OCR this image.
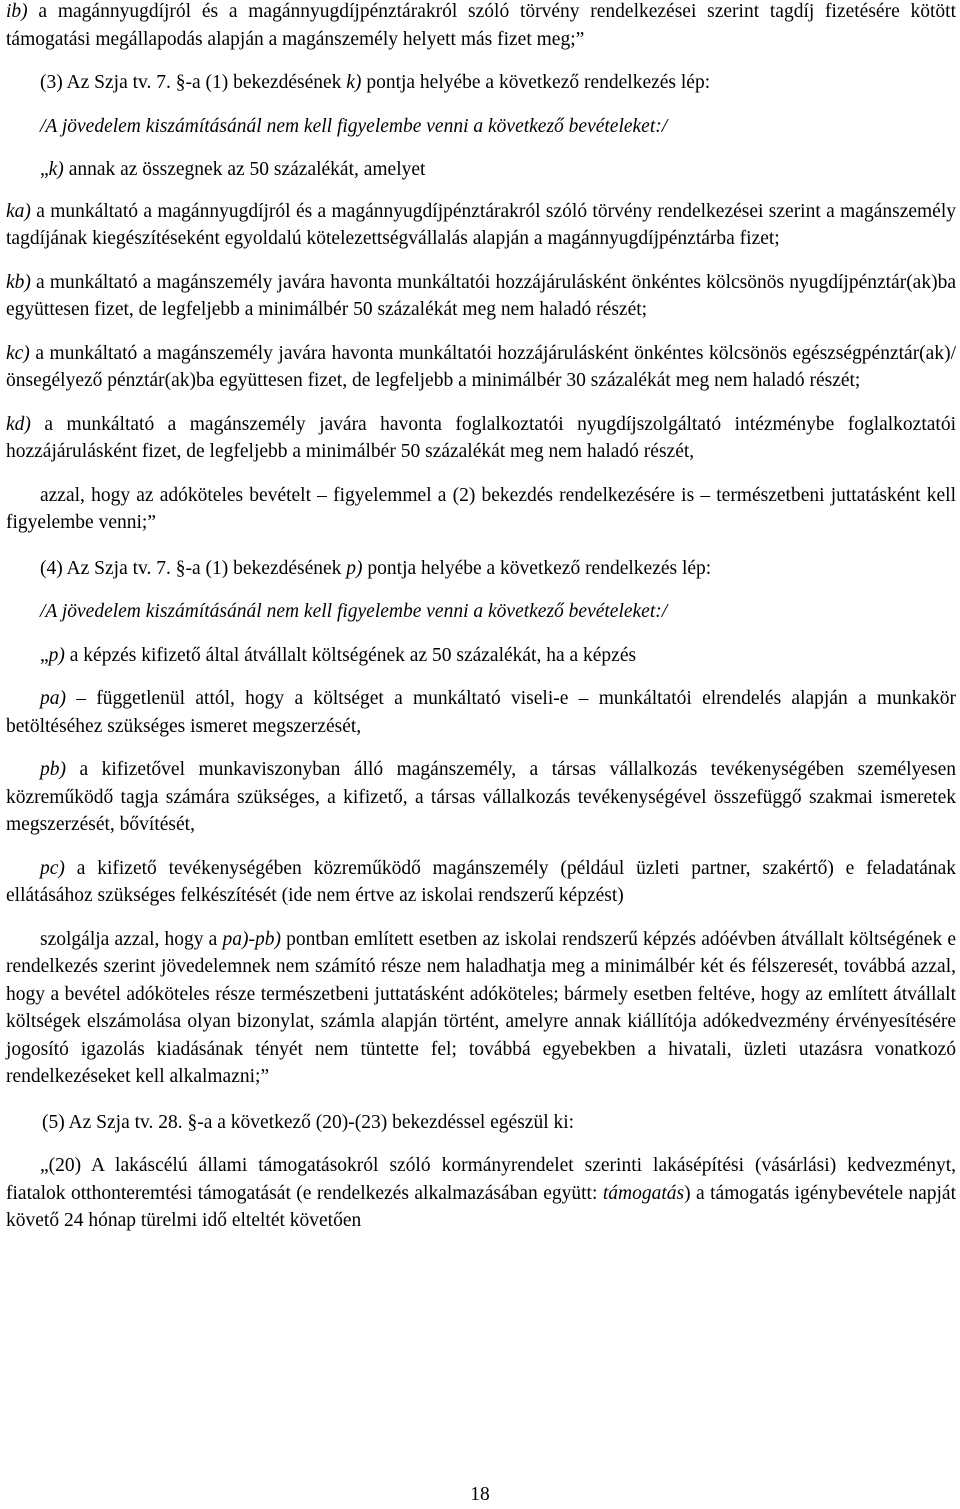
ib) a magánnyugdíjról és a magánnyugdíjpénztárakról szóló törvény rendelkezései szerint tagdíj fizetésére kötött támogatási megállapodás alapján a magánszemély helyett más fizet meg;”

(3) Az Szja tv. 7. §-a (1) bekezdésének k) pontja helyébe a következő rendelkezés lép:

/A jövedelem kiszámításánál nem kell figyelembe venni a következő bevételeket:/

„k) annak az összegnek az 50 százalékát, amelyet

ka) a munkáltató a magánnyugdíjról és a magánnyugdíjpénztárakról szóló törvény rendelkezései szerint a magánszemély tagdíjának kiegészítéseként egyoldalú kötelezettségvállalás alapján a magánnyugdíjpénztárba fizet;

kb) a munkáltató a magánszemély javára havonta munkáltatói hozzájárulásként önkéntes kölcsönös nyugdíjpénztár(ak)ba együttesen fizet, de legfeljebb a minimálbér 50 százalékát meg nem haladó részét;

kc) a munkáltató a magánszemély javára havonta munkáltatói hozzájárulásként önkéntes kölcsönös egészségpénztár(ak)/önsegélyező pénztár(ak)ba együttesen fizet, de legfeljebb a minimálbér 30 százalékát meg nem haladó részét;

kd) a munkáltató a magánszemély javára havonta foglalkoztatói nyugdíjszolgáltató intézménybe foglalkoztatói hozzájárulásként fizet, de legfeljebb a minimálbér 50 százalékát meg nem haladó részét,

azzal, hogy az adóköteles bevételt – figyelemmel a (2) bekezdés rendelkezésére is – természetbeni juttatásként kell figyelembe venni;”

(4) Az Szja tv. 7. §-a (1) bekezdésének p) pontja helyébe a következő rendelkezés lép:

/A jövedelem kiszámításánál nem kell figyelembe venni a következő bevételeket:/

„p) a képzés kifizető által átvállalt költségének az 50 százalékát, ha a képzés

pa) – függetlenül attól, hogy a költséget a munkáltató viseli-e – munkáltatói elrendelés alapján a munkakör betöltéséhez szükséges ismeret megszerzését,

pb) a kifizetővel munkaviszonyban álló magánszemély, a társas vállalkozás tevékenységében személyesen közreműködő tagja számára szükséges, a kifizető, a társas vállalkozás tevékenységével összefüggő szakmai ismeretek megszerzését, bővítését,

pc) a kifizető tevékenységében közreműködő magánszemély (például üzleti partner, szakértő) e feladatának ellátásához szükséges felkészítését (ide nem értve az iskolai rendszerű képzést)

szolgálja azzal, hogy a pa)-pb) pontban említett esetben az iskolai rendszerű képzés adóévben átvállalt költségének e rendelkezés szerint jövedelemnek nem számító része nem haladhatja meg a minimálbér két és félszeresét, továbbá azzal, hogy a bevétel adóköteles része természetbeni juttatásként adóköteles; bármely esetben feltéve, hogy az említett átvállalt költségek elszámolása olyan bizonylat, számla alapján történt, amelyre annak kiállítója adókedvezmény érvényesítésére jogosító igazolás kiadásának tényét nem tüntette fel; továbbá egyebekben a hivatali, üzleti utazásra vonatkozó rendelkezéseket kell alkalmazni;”

(5) Az Szja tv. 28. §-a a következő (20)-(23) bekezdéssel egészül ki:

„(20) A lakáscélú állami támogatásokról szóló kormányrendelet szerinti lakásépítési (vásárlási) kedvezményt, fiatalok otthonteremtési támogatását (e rendelkezés alkalmazásában együtt: támogatás) a támogatás igénybevétele napját követő 24 hónap türelmi idő elteltét követően

18
